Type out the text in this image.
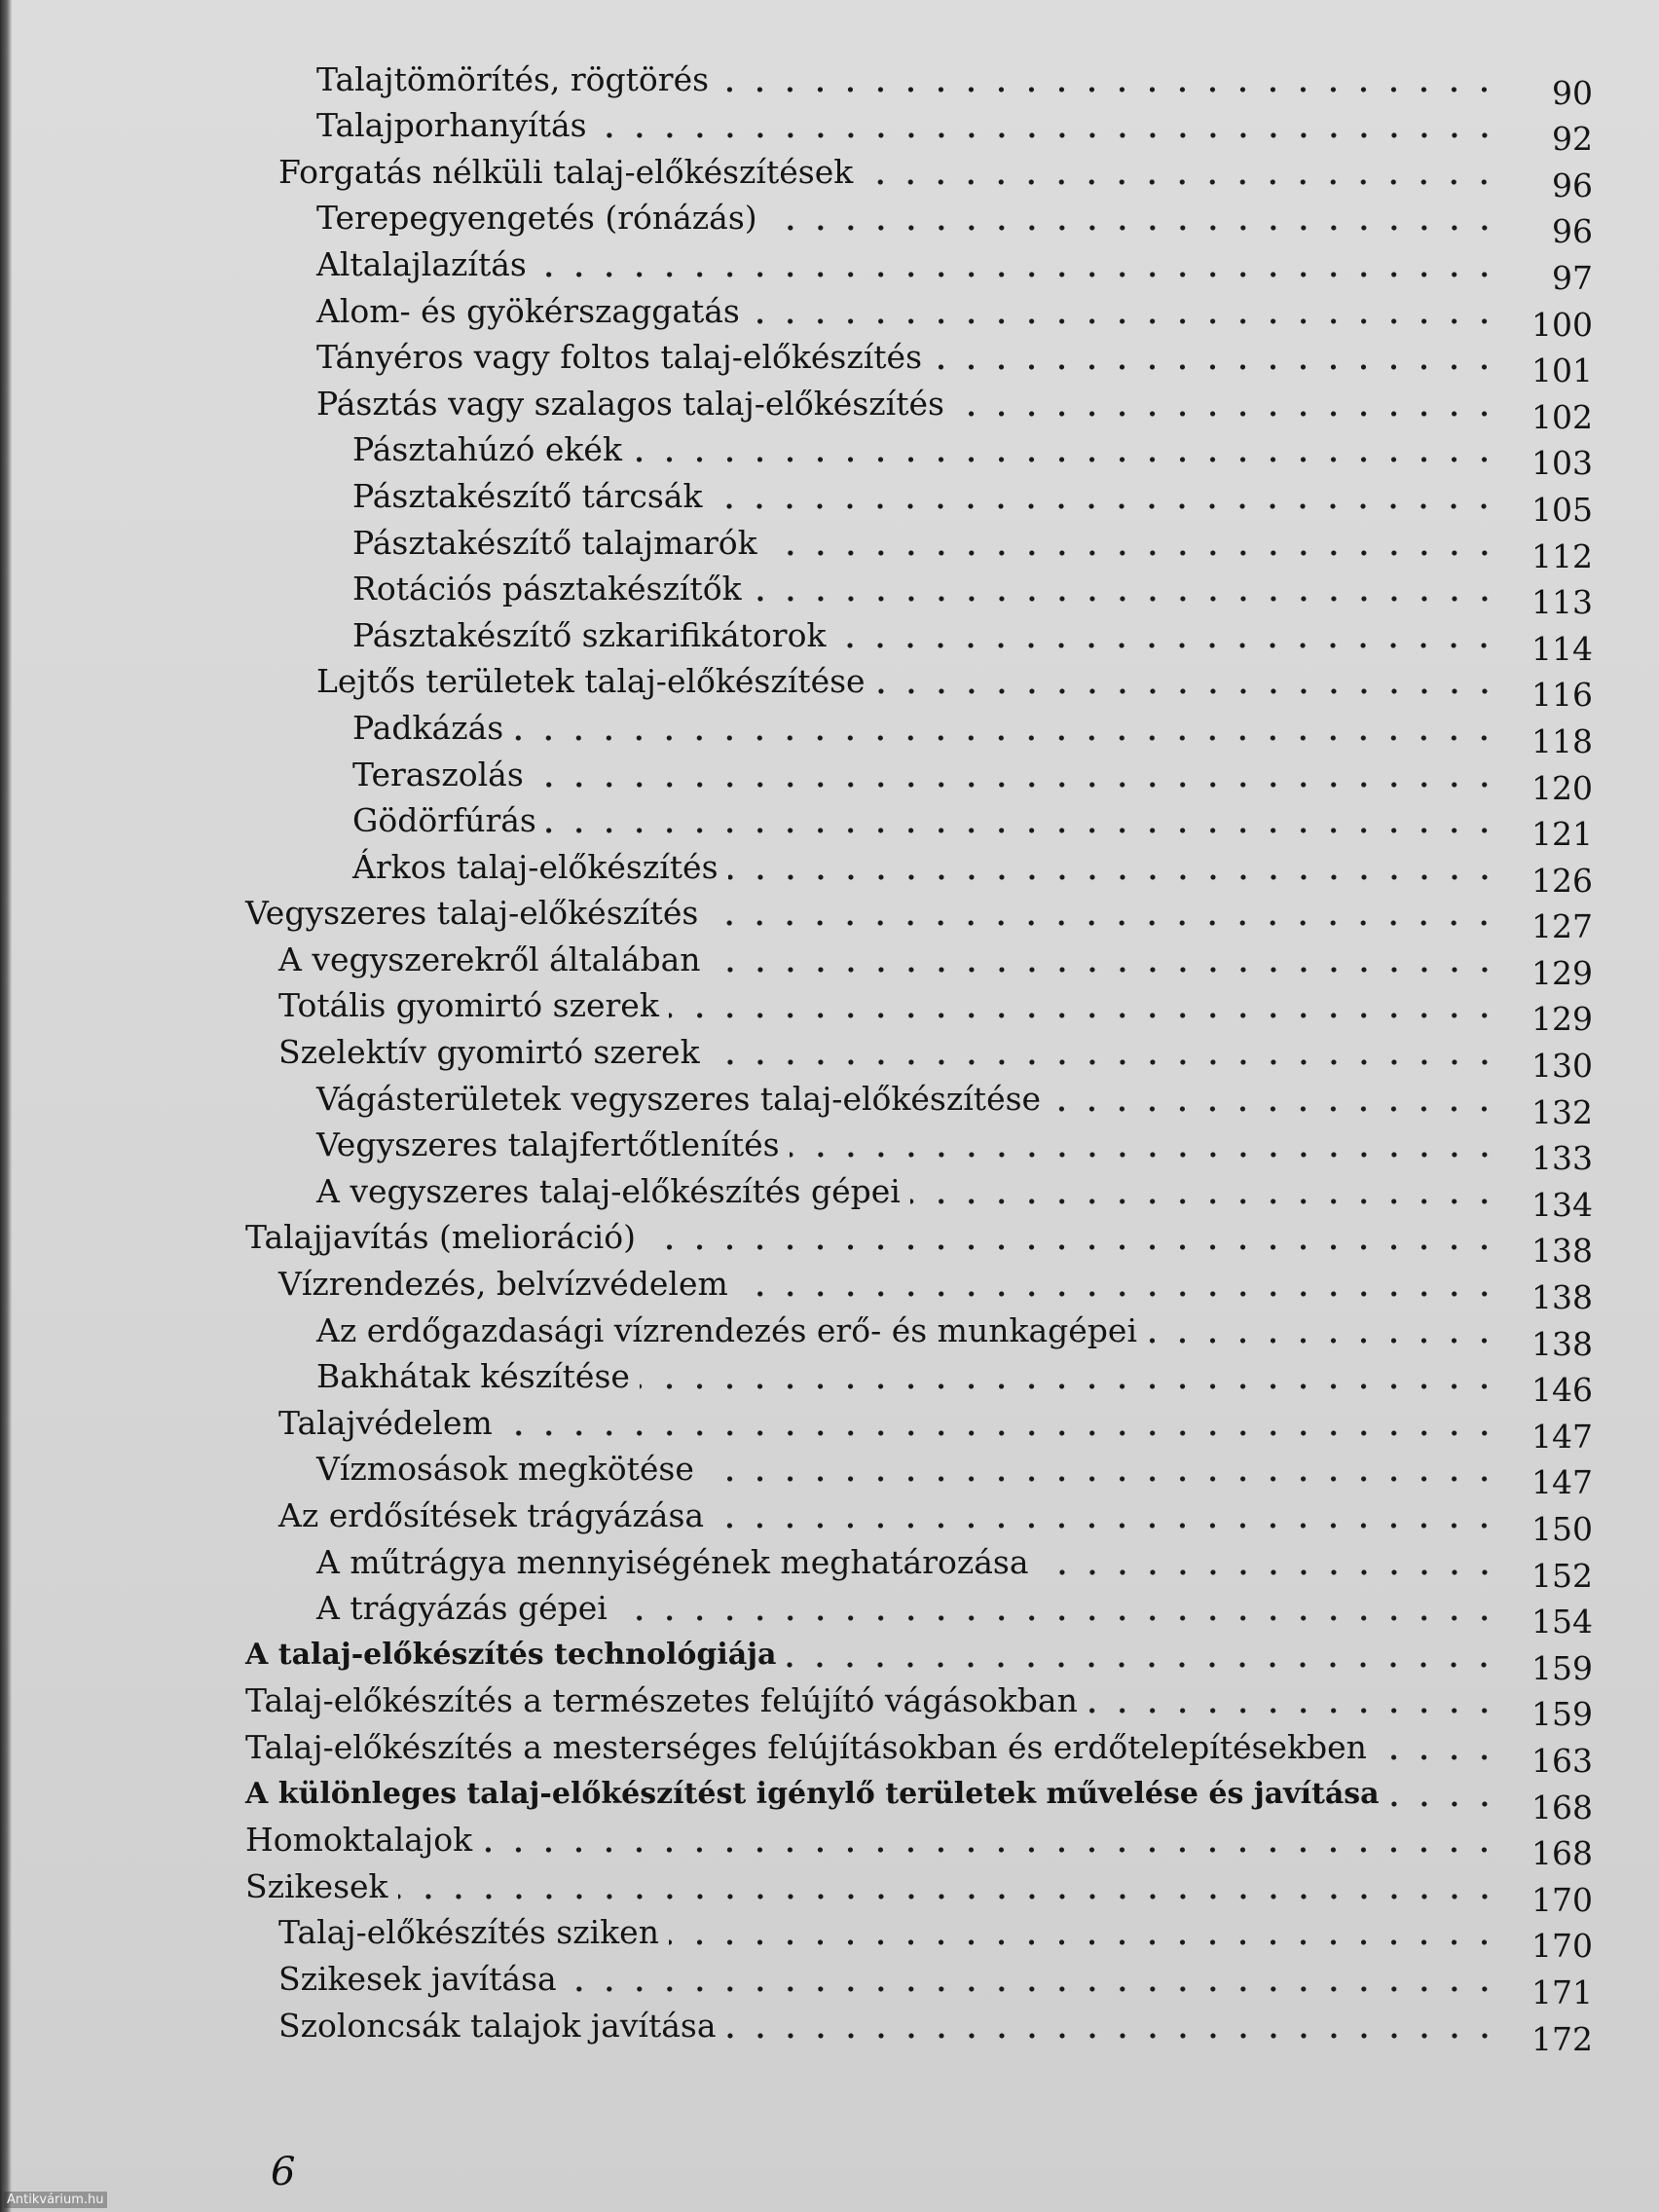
Talajtömörítés, rögtörés	90
Talajporhanyítás	92
Forgatás nélküli talaj-előkészítések	96
Terepegyengetés (rónázás)	96
Altalajlazítás	97
Alom- és gyökérszaggatás	100
Tányéros vagy foltos talaj-előkészítés	101
Pásztás vagy szalagos talaj-előkészítés	102
Pásztahúzó ekék	103
Pásztakészítő tárcsák	105
Pásztakészítő talajmarók	112
Rotációs pásztakészítők	113
Pásztakészítő szkarifikátorok	114
Lejtős területek talaj-előkészítése	116
Padkázás	118
Teraszolás	120
Gödörfúrás	121
Árkos talaj-előkészítés	126
Vegyszeres talaj-előkészítés	127
A vegyszerekről általában	129
Totális gyomirtó szerek	129
Szelektív gyomirtó szerek	130
Vágásterületek vegyszeres talaj-előkészítése	132
Vegyszeres talajfertőtlenítés	133
A vegyszeres talaj-előkészítés gépei	134
Talajjavítás (melioráció)	138
Vízrendezés, belvízvédelem	138
Az erdőgazdasági vízrendezés erő- és munkagépei	138
Bakhátak készítése	146
Talajvédelem	147
Vízmosások megkötése	147
Az erdősítések trágyázása	150
A műtrágya mennyiségének meghatározása	152
A trágyázás gépei	154
A talaj-előkészítés technológiája	159
Talaj-előkészítés a természetes felújító vágásokban	159
Talaj-előkészítés a mesterséges felújításokban és erdőtelepítésekben	163
A különleges talaj-előkészítést igénylő területek művelése és javítása	168
Homoktalajok	168
Szikesek	170
Talaj-előkészítés sziken	170
Szikesek javítása	171
Szoloncsák talajok javítása	172
6
Antikvárium.hu
